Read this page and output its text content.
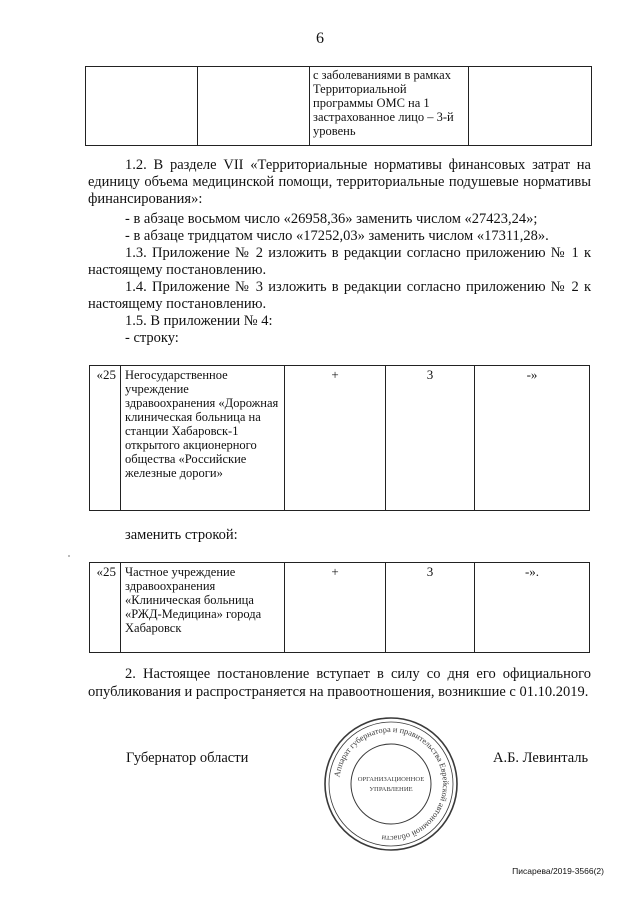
6
		с заболеваниями в рамках Территориальной программы ОМС на 1 застрахованное лицо – 3-й уровень	

1.2. В разделе VII «Территориальные нормативы финансовых затрат на единицу объема медицинской помощи, территориальные подушевые нормативы финансирования»:

- в абзаце восьмом число «26958,36» заменить числом «27423,24»;

- в абзаце тридцатом число «17252,03» заменить числом «17311,28».

1.3. Приложение № 2 изложить в редакции согласно приложению № 1 к настоящему постановлению.

1.4. Приложение № 3 изложить в редакции согласно приложению № 2 к настоящему постановлению.

1.5. В приложении № 4:

- строку:

«25	Негосударственное учреждение здравоохранения «Дорожная клиническая больница на станции Хабаровск-1 открытого акционерного общества «Российские железные дороги»	+	3	-»

заменить строкой:

«25	Частное учреждение здравоохранения «Клиническая больница «РЖД-Медицина» города Хабаровск	+	3	-».

2. Настоящее постановление вступает в силу со дня его официального опубликования и распространяется на правоотношения, возникшие с 01.10.2019.

Губернатор области
Аппарат губернатора и правительства Еврейской автономной области
ОРГАНИЗАЦИОННОЕ
УПРАВЛЕНИЕ
А.Б. Левинталь
Писарева/2019-3566(2)
